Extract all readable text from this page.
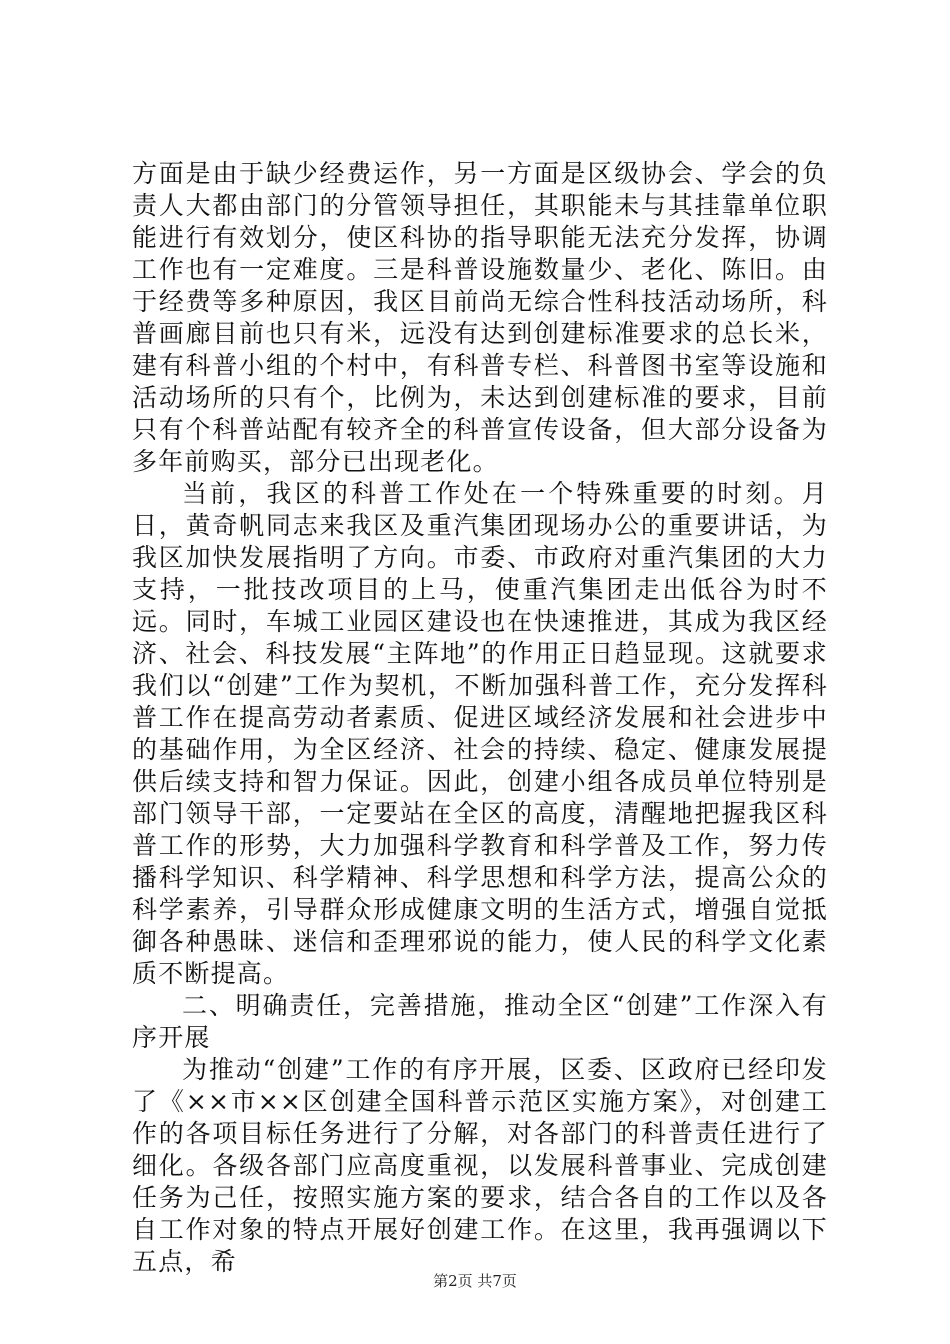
方面是由于缺少经费运作，另一方面是区级协会、学会的负责人大都由部门的分管领导担任，其职能未与其挂靠单位职能进行有效划分，使区科协的指导职能无法充分发挥，协调工作也有一定难度。三是科普设施数量少、老化、陈旧。由于经费等多种原因，我区目前尚无综合性科技活动场所，科普画廊目前也只有米，远没有达到创建标准要求的总长米，建有科普小组的个村中，有科普专栏、科普图书室等设施和活动场所的只有个，比例为，未达到创建标准的要求，目前只有个科普站配有较齐全的科普宣传设备，但大部分设备为多年前购买，部分已出现老化。

当前，我区的科普工作处在一个特殊重要的时刻。月日，黄奇帆同志来我区及重汽集团现场办公的重要讲话，为我区加快发展指明了方向。市委、市政府对重汽集团的大力支持，一批技改项目的上马，使重汽集团走出低谷为时不远。同时，车城工业园区建设也在快速推进，其成为我区经济、社会、科技发展“主阵地”的作用正日趋显现。这就要求我们以“创建”工作为契机，不断加强科普工作，充分发挥科普工作在提高劳动者素质、促进区域经济发展和社会进步中的基础作用，为全区经济、社会的持续、稳定、健康发展提供后续支持和智力保证。因此，创建小组各成员单位特别是部门领导干部，一定要站在全区的高度，清醒地把握我区科普工作的形势，大力加强科学教育和科学普及工作，努力传播科学知识、科学精神、科学思想和科学方法，提高公众的科学素养，引导群众形成健康文明的生活方式，增强自觉抵御各种愚昧、迷信和歪理邪说的能力，使人民的科学文化素质不断提高。

二、明确责任，完善措施，推动全区“创建”工作深入有序开展

为推动“创建”工作的有序开展，区委、区政府已经印发了《××市××区创建全国科普示范区实施方案》，对创建工作的各项目标任务进行了分解，对各部门的科普责任进行了细化。各级各部门应高度重视，以发展科普事业、完成创建任务为己任，按照实施方案的要求，结合各自的工作以及各自工作对象的特点开展好创建工作。在这里，我再强调以下五点，希

第2页 共7页
